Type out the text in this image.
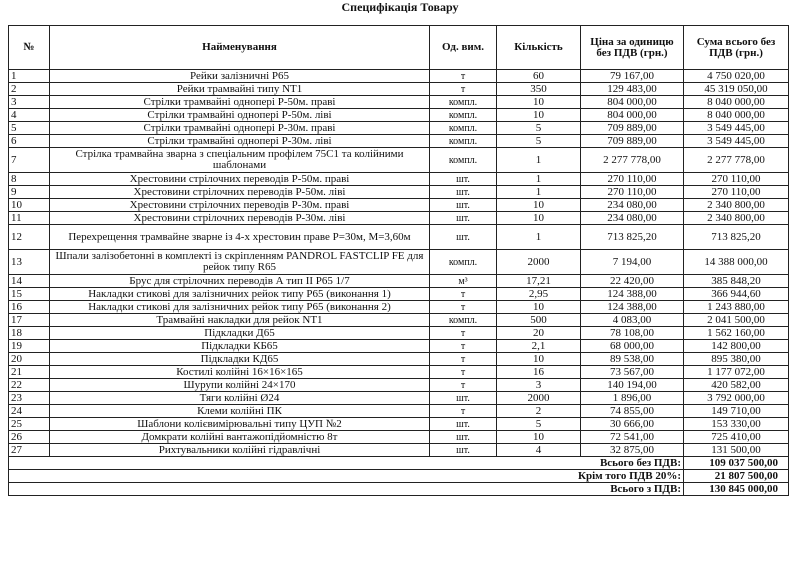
Специфікація Товару
№	Найменування	Од. вим.	Кількість	Ціна за одиницю без ПДВ (грн.)	Сума всього без ПДВ (грн.)
1	Рейки залізничні Р65	т	60	79 167,00	4 750 020,00
2	Рейки трамвайні типу NT1	т	350	129 483,00	45 319 050,00
3	Стрілки трамвайні однопері Р-50м. праві	компл.	10	804 000,00	8 040 000,00
4	Стрілки трамвайні однопері Р-50м. ліві	компл.	10	804 000,00	8 040 000,00
5	Стрілки трамвайні однопері Р-30м. праві	компл.	5	709 889,00	3 549 445,00
6	Стрілки трамвайні однопері Р-30м. ліві	компл.	5	709 889,00	3 549 445,00
7	Стрілка трамвайна зварна з спеціальним профілем 75С1 та колійними шаблонами	компл.	1	2 277 778,00	2 277 778,00
8	Хрестовини стрілочних переводів Р-50м. праві	шт.	1	270 110,00	270 110,00
9	Хрестовини стрілочних переводів Р-50м. ліві	шт.	1	270 110,00	270 110,00
10	Хрестовини стрілочних переводів Р-30м. праві	шт.	10	234 080,00	2 340 800,00
11	Хрестовини стрілочних переводів Р-30м. ліві	шт.	10	234 080,00	2 340 800,00
12	Перехрещення трамвайне зварне із 4-х хрестовин праве Р=30м, М=3,60м	шт.	1	713 825,20	713 825,20
13	Шпали залізобетонні в комплекті із скріпленням PANDROL FASTCLIP FE для рейок типу R65	компл.	2000	7 194,00	14 388 000,00
14	Брус для стрілочних переводів А тип ІІ Р65 1/7	м³	17,21	22 420,00	385 848,20
15	Накладки стикові для залізничних рейок типу Р65 (виконання 1)	т	2,95	124 388,00	366 944,60
16	Накладки стикові для залізничних рейок типу Р65 (виконання 2)	т	10	124 388,00	1 243 880,00
17	Трамвайні накладки для рейок NT1	компл.	500	4 083,00	2 041 500,00
18	Підкладки Д65	т	20	78 108,00	1 562 160,00
19	Підкладки КБ65	т	2,1	68 000,00	142 800,00
20	Підкладки КД65	т	10	89 538,00	895 380,00
21	Костилі колійні 16×16×165	т	16	73 567,00	1 177 072,00
22	Шурупи колійні 24×170	т	3	140 194,00	420 582,00
23	Тяги колійні Ø24	шт.	2000	1 896,00	3 792 000,00
24	Клеми колійні ПК	т	2	74 855,00	149 710,00
25	Шаблони колієвимірювальні типу ЦУП №2	шт.	5	30 666,00	153 330,00
26	Домкрати колійні вантажопідйомністю 8т	шт.	10	72 541,00	725 410,00
27	Рихтувальники колійні гідравлічні	шт.	4	32 875,00	131 500,00
Всього без ПДВ:					109 037 500,00
Крім того ПДВ 20%:					21 807 500,00
Всього з ПДВ:					130 845 000,00
